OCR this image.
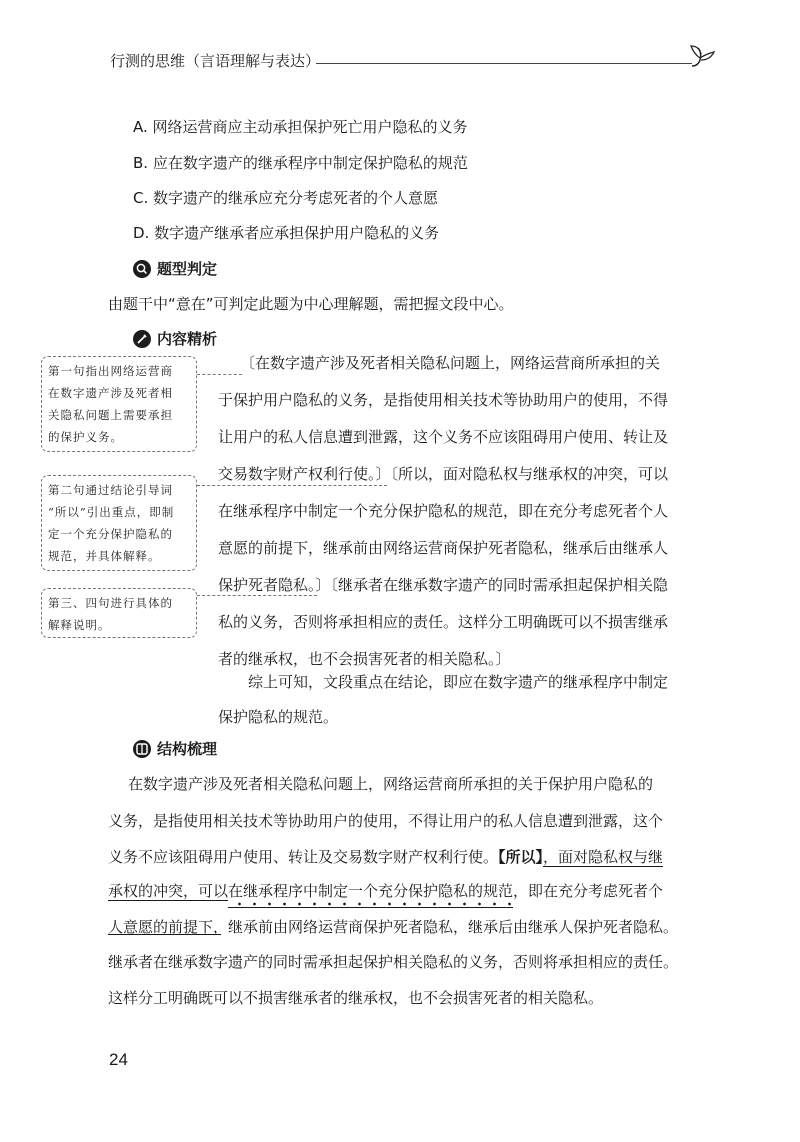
行测的思维（言语理解与表达）
A. 网络运营商应主动承担保护死亡用户隐私的义务
B. 应在数字遗产的继承程序中制定保护隐私的规范
C. 数字遗产的继承应充分考虑死者的个人意愿
D. 数字遗产继承者应承担保护用户隐私的义务
题型判定
由题干中“意在”可判定此题为中心理解题，需把握文段中心。
内容精析
第一句指出网络运营商
在数字遗产涉及死者相
关隐私问题上需要承担
的保护义务。
第二句通过结论引导词
“所以”引出重点，即制
定一个充分保护隐私的
规范，并具体解释。
第三、四句进行具体的
解释说明。
〔在数字遗产涉及死者相关隐私问题上，网络运营商所承担的关
于保护用户隐私的义务，是指使用相关技术等协助用户的使用，不得
让用户的私人信息遭到泄露，这个义务不应该阻碍用户使用、转让及
交易数字财产权利行使。〕〔所以，面对隐私权与继承权的冲突，可以
在继承程序中制定一个充分保护隐私的规范，即在充分考虑死者个人
意愿的前提下，继承前由网络运营商保护死者隐私，继承后由继承人
保护死者隐私。〕〔继承者在继承数字遗产的同时需承担起保护相关隐
私的义务，否则将承担相应的责任。这样分工明确既可以不损害继承
者的继承权，也不会损害死者的相关隐私。〕
综上可知，文段重点在结论，即应在数字遗产的继承程序中制定
保护隐私的规范。
结构梳理
在数字遗产涉及死者相关隐私问题上，网络运营商所承担的关于保护用户隐私的
义务，是指使用相关技术等协助用户的使用，不得让用户的私人信息遭到泄露，这个
义务不应该阻碍用户使用、转让及交易数字财产权利行使。【所以】，面对隐私权与继
承权的冲突，可以在继承程序中制定一个充分保护隐私的规范，即在充分考虑死者个
人意愿的前提下，继承前由网络运营商保护死者隐私，继承后由继承人保护死者隐私。
继承者在继承数字遗产的同时需承担起保护相关隐私的义务，否则将承担相应的责任。
这样分工明确既可以不损害继承者的继承权，也不会损害死者的相关隐私。
24
